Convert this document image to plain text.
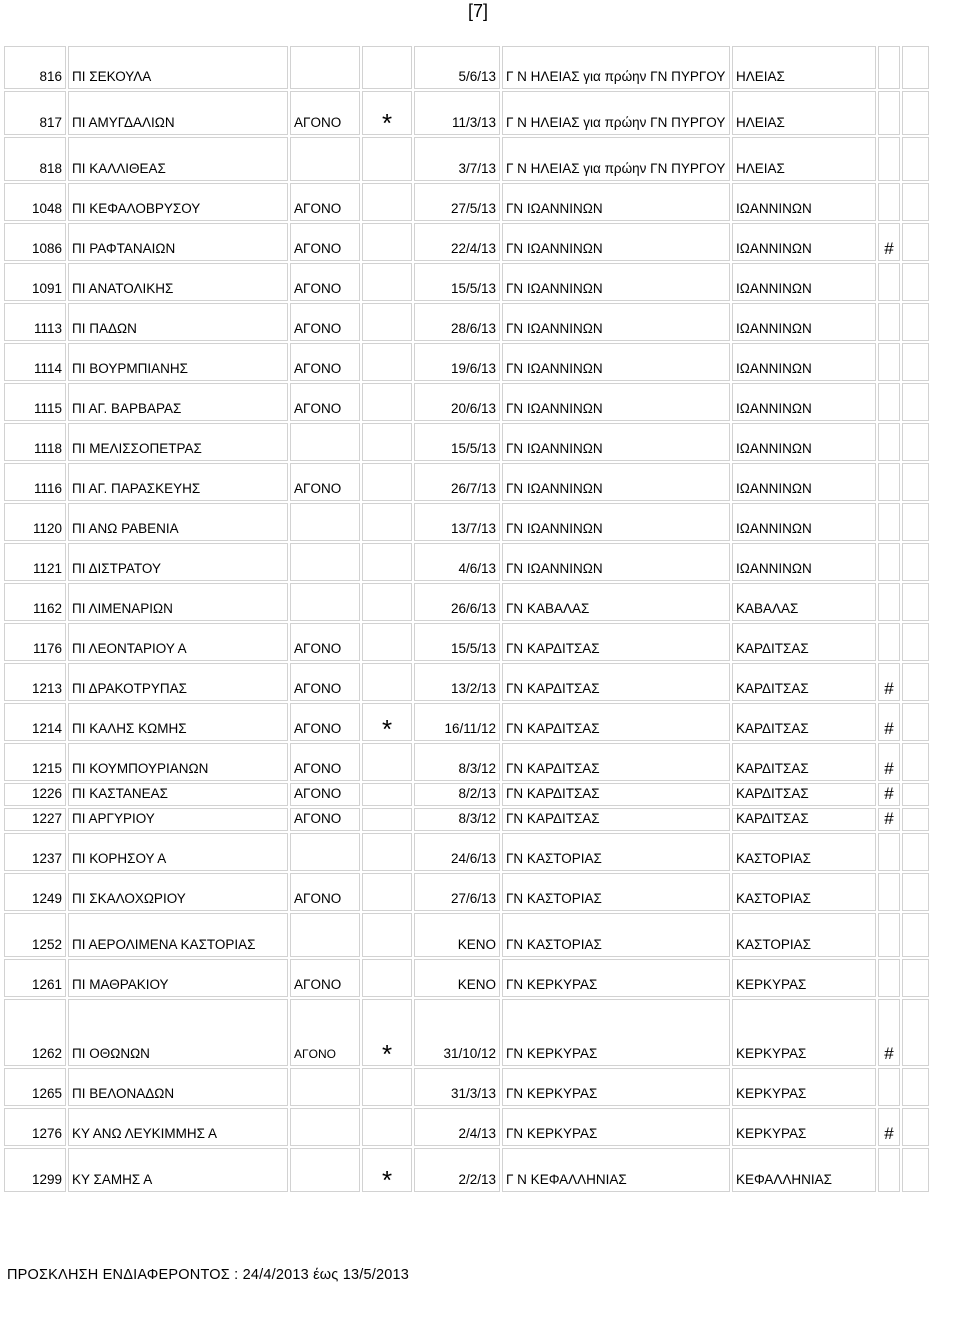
[7]
816	ΠΙ ΣΕΚΟΥΛΑ			5/6/13	Γ Ν ΗΛΕΙΑΣ για πρώην ΓΝ ΠΥΡΓΟΥ	ΗΛΕΙΑΣ		
817	ΠΙ ΑΜΥΓΔΑΛΙΩΝ	ΑΓΟΝΟ	*	11/3/13	Γ Ν ΗΛΕΙΑΣ για πρώην ΓΝ ΠΥΡΓΟΥ	ΗΛΕΙΑΣ		
818	ΠΙ ΚΑΛΛΙΘΕΑΣ			3/7/13	Γ Ν ΗΛΕΙΑΣ για πρώην ΓΝ ΠΥΡΓΟΥ	ΗΛΕΙΑΣ		
1048	ΠΙ ΚΕΦΑΛΟΒΡΥΣΟΥ	ΑΓΟΝΟ		27/5/13	ΓΝ ΙΩΑΝΝΙΝΩΝ	ΙΩΑΝΝΙΝΩΝ		
1086	ΠΙ ΡΑΦΤΑΝΑΙΩΝ	ΑΓΟΝΟ		22/4/13	ΓΝ ΙΩΑΝΝΙΝΩΝ	ΙΩΑΝΝΙΝΩΝ	#	
1091	ΠΙ ΑΝΑΤΟΛΙΚΗΣ	ΑΓΟΝΟ		15/5/13	ΓΝ ΙΩΑΝΝΙΝΩΝ	ΙΩΑΝΝΙΝΩΝ		
1113	ΠΙ ΠΑΔΩΝ	ΑΓΟΝΟ		28/6/13	ΓΝ ΙΩΑΝΝΙΝΩΝ	ΙΩΑΝΝΙΝΩΝ		
1114	ΠΙ ΒΟΥΡΜΠΙΑΝΗΣ	ΑΓΟΝΟ		19/6/13	ΓΝ ΙΩΑΝΝΙΝΩΝ	ΙΩΑΝΝΙΝΩΝ		
1115	ΠΙ ΑΓ. ΒΑΡΒΑΡΑΣ	ΑΓΟΝΟ		20/6/13	ΓΝ ΙΩΑΝΝΙΝΩΝ	ΙΩΑΝΝΙΝΩΝ		
1118	ΠΙ ΜΕΛΙΣΣΟΠΕΤΡΑΣ			15/5/13	ΓΝ ΙΩΑΝΝΙΝΩΝ	ΙΩΑΝΝΙΝΩΝ		
1116	ΠΙ ΑΓ. ΠΑΡΑΣΚΕΥΗΣ	ΑΓΟΝΟ		26/7/13	ΓΝ ΙΩΑΝΝΙΝΩΝ	ΙΩΑΝΝΙΝΩΝ		
1120	ΠΙ ΑΝΩ ΡΑΒΕΝΙΑ			13/7/13	ΓΝ ΙΩΑΝΝΙΝΩΝ	ΙΩΑΝΝΙΝΩΝ		
1121	ΠΙ ΔΙΣΤΡΑΤΟΥ			4/6/13	ΓΝ ΙΩΑΝΝΙΝΩΝ	ΙΩΑΝΝΙΝΩΝ		
1162	ΠΙ ΛΙΜΕΝΑΡΙΩΝ			26/6/13	ΓΝ ΚΑΒΑΛΑΣ	ΚΑΒΑΛΑΣ		
1176	ΠΙ ΛΕΟΝΤΑΡΙΟΥ Α	ΑΓΟΝΟ		15/5/13	ΓΝ ΚΑΡΔΙΤΣΑΣ	ΚΑΡΔΙΤΣΑΣ		
1213	ΠΙ ΔΡΑΚΟΤΡΥΠΑΣ	ΑΓΟΝΟ		13/2/13	ΓΝ ΚΑΡΔΙΤΣΑΣ	ΚΑΡΔΙΤΣΑΣ	#	
1214	ΠΙ ΚΑΛΗΣ ΚΩΜΗΣ	ΑΓΟΝΟ	*	16/11/12	ΓΝ ΚΑΡΔΙΤΣΑΣ	ΚΑΡΔΙΤΣΑΣ	#	
1215	ΠΙ ΚΟΥΜΠΟΥΡΙΑΝΩΝ	ΑΓΟΝΟ		8/3/12	ΓΝ ΚΑΡΔΙΤΣΑΣ	ΚΑΡΔΙΤΣΑΣ	#	
1226	ΠΙ ΚΑΣΤΑΝΕΑΣ	ΑΓΟΝΟ		8/2/13	ΓΝ ΚΑΡΔΙΤΣΑΣ	ΚΑΡΔΙΤΣΑΣ	#	
1227	ΠΙ ΑΡΓΥΡΙΟΥ	ΑΓΟΝΟ		8/3/12	ΓΝ ΚΑΡΔΙΤΣΑΣ	ΚΑΡΔΙΤΣΑΣ	#	
1237	ΠΙ ΚΟΡΗΣΟΥ Α			24/6/13	ΓΝ ΚΑΣΤΟΡΙΑΣ	ΚΑΣΤΟΡΙΑΣ		
1249	ΠΙ ΣΚΑΛΟΧΩΡΙΟΥ	ΑΓΟΝΟ		27/6/13	ΓΝ ΚΑΣΤΟΡΙΑΣ	ΚΑΣΤΟΡΙΑΣ		
1252	ΠΙ ΑΕΡΟΛΙΜΕΝΑ ΚΑΣΤΟΡΙΑΣ			ΚΕΝΟ	ΓΝ ΚΑΣΤΟΡΙΑΣ	ΚΑΣΤΟΡΙΑΣ		
1261	ΠΙ ΜΑΘΡΑΚΙΟΥ	ΑΓΟΝΟ		ΚΕΝΟ	ΓΝ ΚΕΡΚΥΡΑΣ	ΚΕΡΚΥΡΑΣ		
1262	ΠΙ ΟΘΩΝΩΝ	ΑΓΟΝΟ	*	31/10/12	ΓΝ ΚΕΡΚΥΡΑΣ	ΚΕΡΚΥΡΑΣ	#	
1265	ΠΙ ΒΕΛΟΝΑΔΩΝ			31/3/13	ΓΝ ΚΕΡΚΥΡΑΣ	ΚΕΡΚΥΡΑΣ		
1276	ΚΥ ΑΝΩ ΛΕΥΚΙΜΜΗΣ Α			2/4/13	ΓΝ ΚΕΡΚΥΡΑΣ	ΚΕΡΚΥΡΑΣ	#	
1299	ΚΥ ΣΑΜΗΣ Α		*	2/2/13	Γ Ν ΚΕΦΑΛΛΗΝΙΑΣ	ΚΕΦΑΛΛΗΝΙΑΣ		
ΠΡΟΣΚΛΗΣΗ ΕΝΔΙΑΦΕΡΟΝΤΟΣ : 24/4/2013 έως 13/5/2013
